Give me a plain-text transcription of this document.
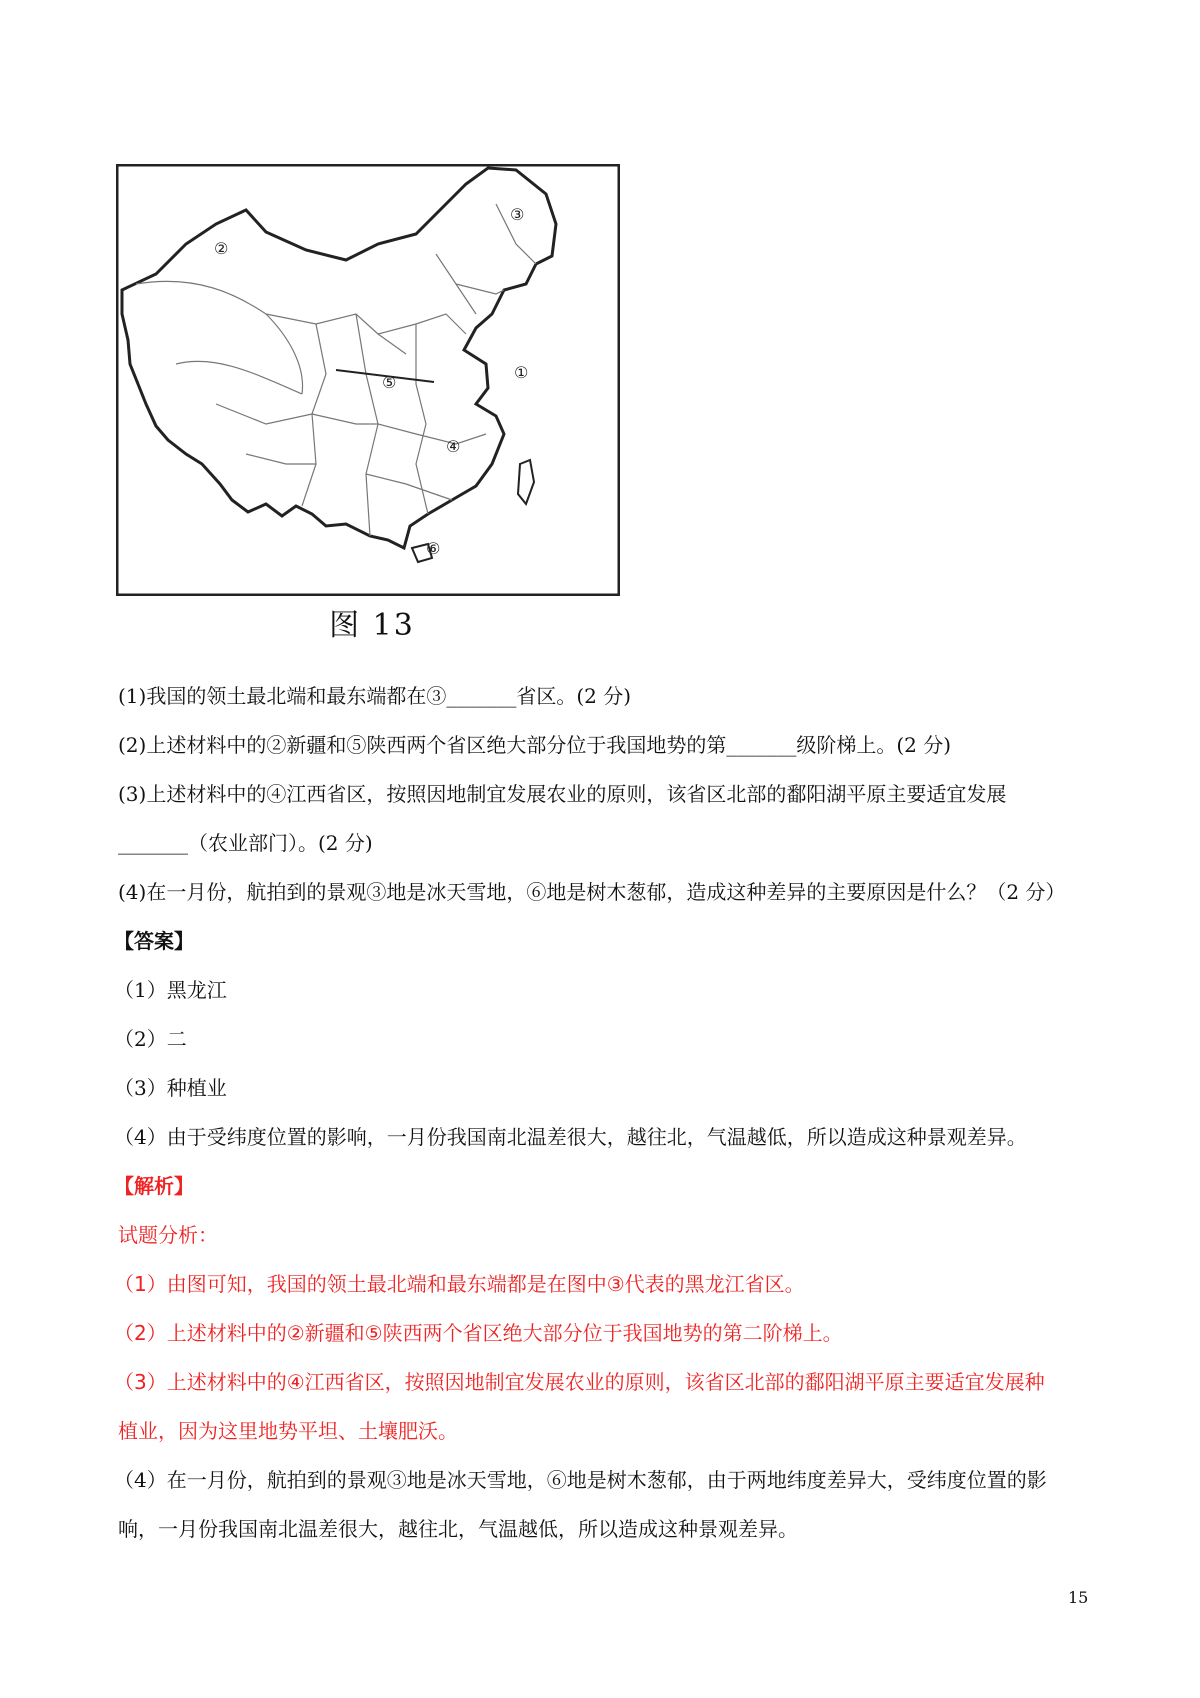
①
②
③
④
⑤
⑥
图 13
(1)我国的领土最北端和最东端都在③_______省区。(2 分)
(2)上述材料中的②新疆和⑤陕西两个省区绝大部分位于我国地势的第_______级阶梯上。(2 分)
(3)上述材料中的④江西省区，按照因地制宜发展农业的原则，该省区北部的鄱阳湖平原主要适宜发展
_______（农业部门）。(2 分)
(4)在一月份，航拍到的景观③地是冰天雪地，⑥地是树木葱郁，造成这种差异的主要原因是什么？（2 分）
【答案】
（1）黑龙江
（2）二
（3）种植业
（4）由于受纬度位置的影响，一月份我国南北温差很大，越往北，气温越低，所以造成这种景观差异。
【解析】
试题分析：
（1）由图可知，我国的领土最北端和最东端都是在图中③代表的黑龙江省区。
（2）上述材料中的②新疆和⑤陕西两个省区绝大部分位于我国地势的第二阶梯上。
（3）上述材料中的④江西省区，按照因地制宜发展农业的原则，该省区北部的鄱阳湖平原主要适宜发展种
植业，因为这里地势平坦、土壤肥沃。
（4）在一月份，航拍到的景观③地是冰天雪地，⑥地是树木葱郁，由于两地纬度差异大，受纬度位置的影
响，一月份我国南北温差很大，越往北，气温越低，所以造成这种景观差异。
15
